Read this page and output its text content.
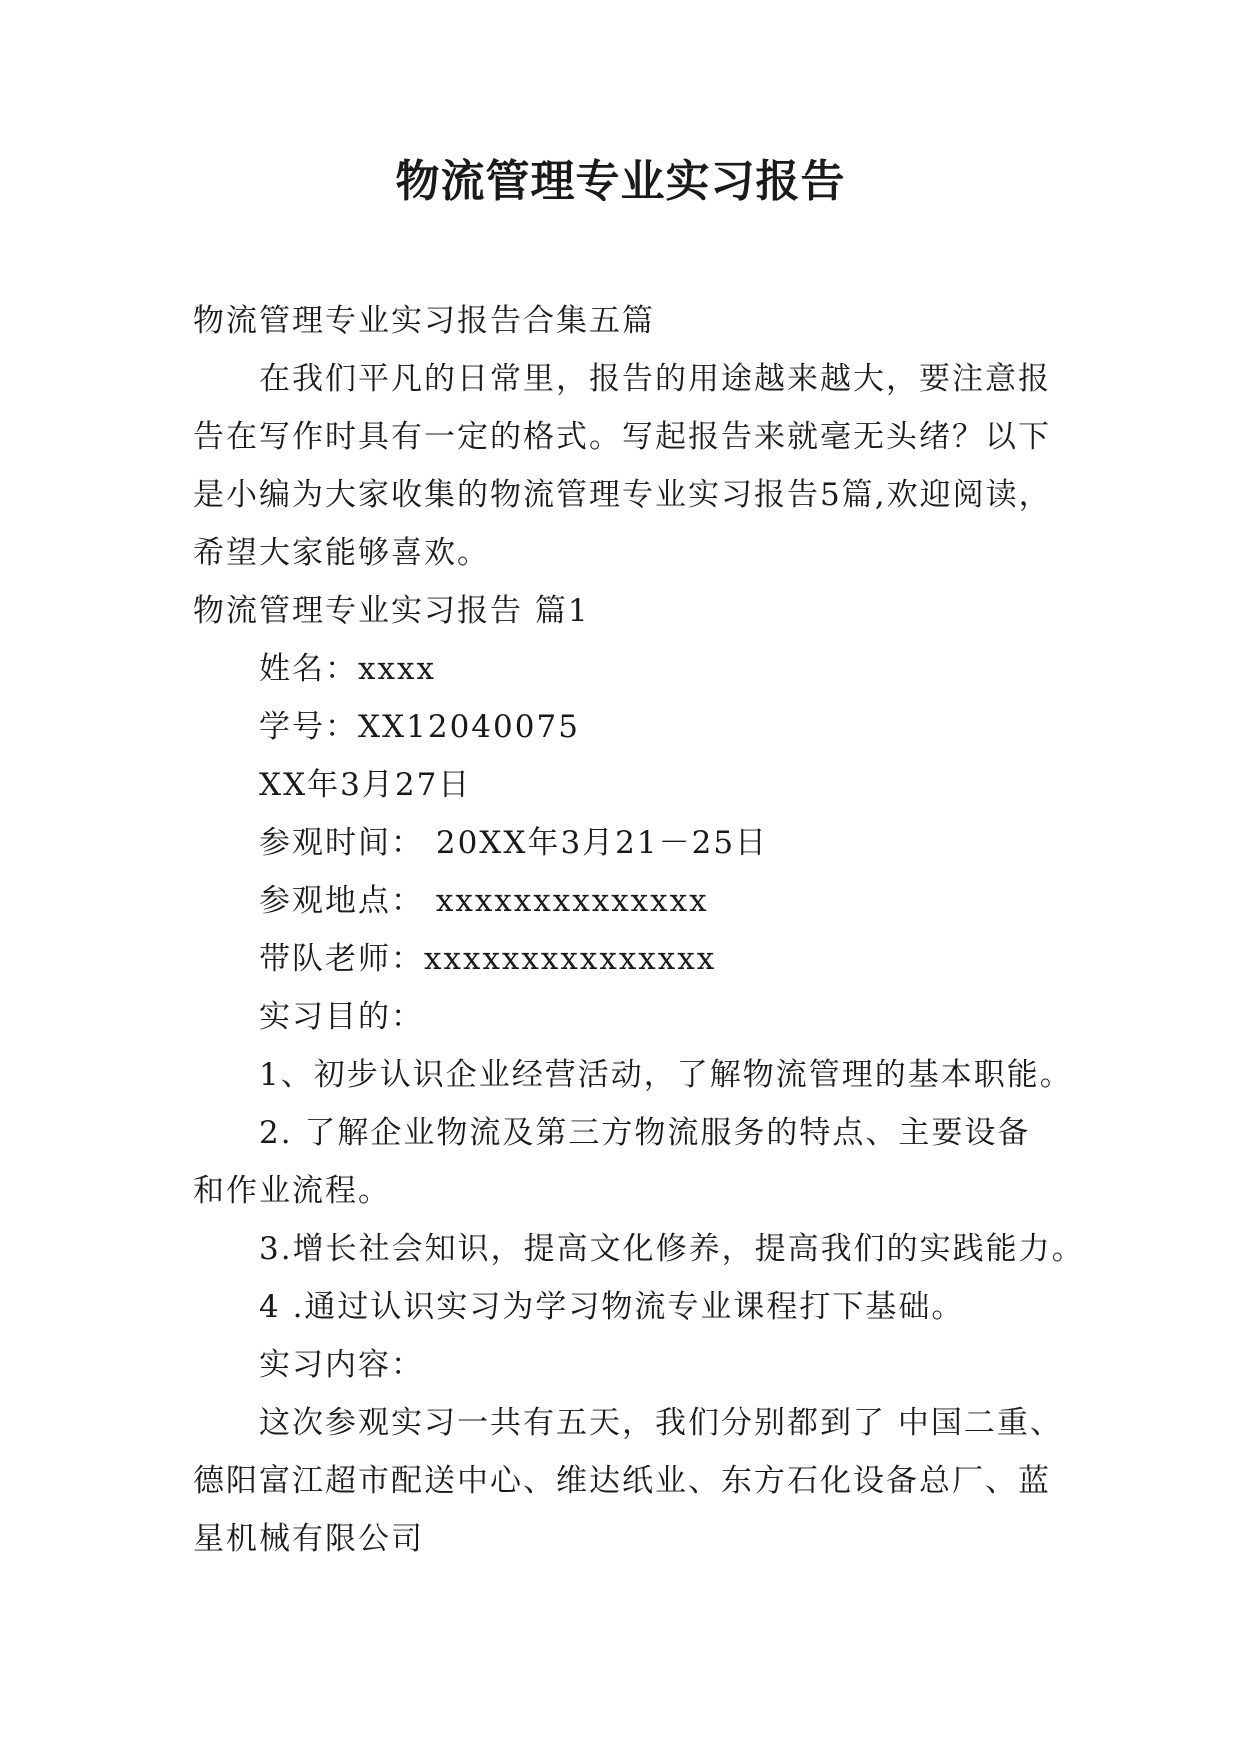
物流管理专业实习报告
物流管理专业实习报告合集五篇
在我们平凡的日常里，报告的用途越来越大，要注意报
告在写作时具有一定的格式。写起报告来就毫无头绪？以下
是小编为大家收集的物流管理专业实习报告5篇,欢迎阅读，
希望大家能够喜欢。
物流管理专业实习报告 篇1
姓名：xxxx
学号：XX12040075
XX年3月27日
参观时间： 20XX年3月21－25日
参观地点： xxxxxxxxxxxxxx
带队老师：xxxxxxxxxxxxxxx
实习目的：
1、初步认识企业经营活动，了解物流管理的基本职能。
2. 了解企业物流及第三方物流服务的特点、主要设备
和作业流程。
3.增长社会知识，提高文化修养，提高我们的实践能力。
4 .通过认识实习为学习物流专业课程打下基础。
实习内容：
这次参观实习一共有五天，我们分别都到了 中国二重、
德阳富江超市配送中心、维达纸业、东方石化设备总厂、蓝
星机械有限公司
